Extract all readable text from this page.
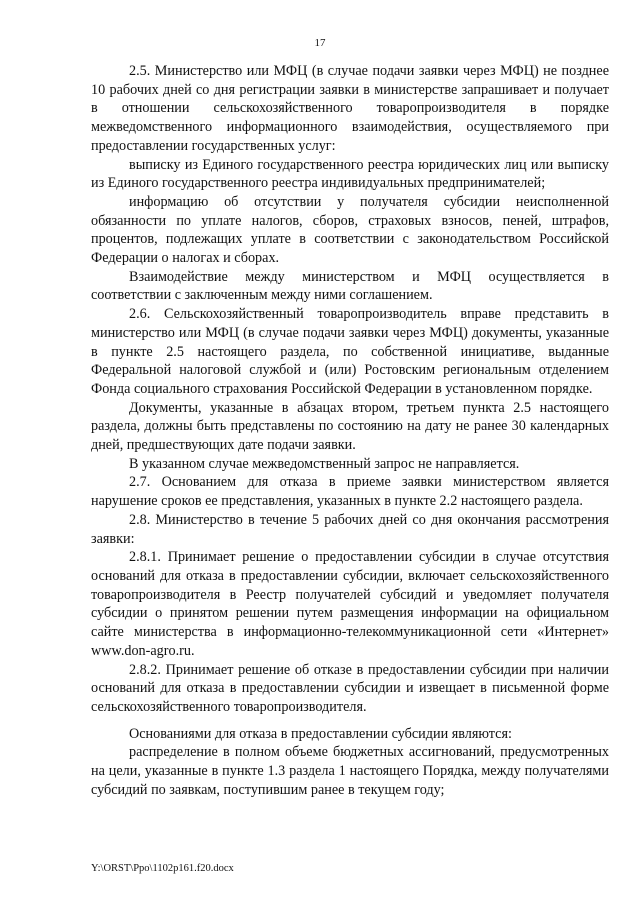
17

2.5. Министерство или МФЦ (в случае подачи заявки через МФЦ) не позднее 10 рабочих дней со дня регистрации заявки в министерстве запрашивает и получает в отношении сельскохозяйственного товаропроизводителя в порядке межведомственного информационного взаимодействия, осуществляемого при предоставлении государственных услуг:

выписку из Единого государственного реестра юридических лиц или выписку из Единого государственного реестра индивидуальных предпринимателей;

информацию об отсутствии у получателя субсидии неисполненной обязанности по уплате налогов, сборов, страховых взносов, пеней, штрафов, процентов, подлежащих уплате в соответствии с законодательством Российской Федерации о налогах и сборах.

Взаимодействие между министерством и МФЦ осуществляется в соответствии с заключенным между ними соглашением.

2.6. Сельскохозяйственный товаропроизводитель вправе представить в министерство или МФЦ (в случае подачи заявки через МФЦ) документы, указанные в пункте 2.5 настоящего раздела, по собственной инициативе, выданные Федеральной налоговой службой и (или) Ростовским региональным отделением Фонда социального страхования Российской Федерации в установленном порядке.

Документы, указанные в абзацах втором, третьем пункта 2.5 настоящего раздела, должны быть представлены по состоянию на дату не ранее 30 календарных дней, предшествующих дате подачи заявки.

В указанном случае межведомственный запрос не направляется.

2.7. Основанием для отказа в приеме заявки министерством является нарушение сроков ее представления, указанных в пункте 2.2 настоящего раздела.

2.8. Министерство в течение 5 рабочих дней со дня окончания рассмотрения заявки:

2.8.1. Принимает решение о предоставлении субсидии в случае отсутствия оснований для отказа в предоставлении субсидии, включает сельскохозяйственного товаропроизводителя в Реестр получателей субсидий и уведомляет получателя субсидии о принятом решении путем размещения информации на официальном сайте министерства в информационно-телекоммуникационной сети «Интернет» www.don-agro.ru.

2.8.2. Принимает решение об отказе в предоставлении субсидии при наличии оснований для отказа в предоставлении субсидии и извещает в письменной форме сельскохозяйственного товаропроизводителя.

Основаниями для отказа в предоставлении субсидии являются:

распределение в полном объеме бюджетных ассигнований, предусмотренных на цели, указанные в пункте 1.3 раздела 1 настоящего Порядка, между получателями субсидий по заявкам, поступившим ранее в текущем году;

Y:\ORST\Ppo\1102p161.f20.docx
